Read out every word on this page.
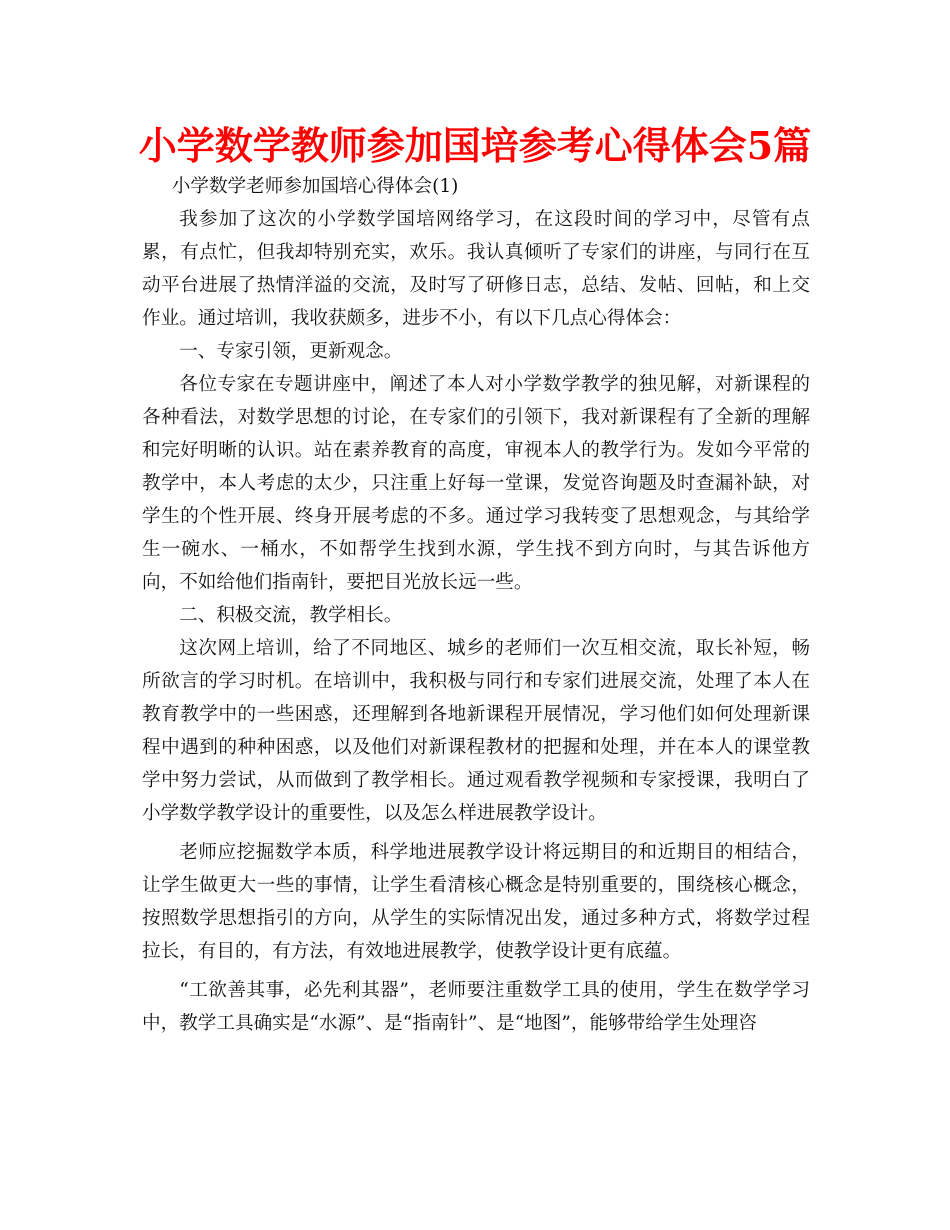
小学数学教师参加国培参考心得体会5篇

小学数学老师参加国培心得体会(1)

我参加了这次的小学数学国培网络学习，在这段时间的学习中，尽管有点累，有点忙，但我却特别充实，欢乐。我认真倾听了专家们的讲座，与同行在互动平台进展了热情洋溢的交流，及时写了研修日志，总结、发帖、回帖，和上交作业。通过培训，我收获颇多，进步不小，有以下几点心得体会：

一、专家引领，更新观念。

各位专家在专题讲座中，阐述了本人对小学数学教学的独见解，对新课程的各种看法，对数学思想的讨论，在专家们的引领下，我对新课程有了全新的理解和完好明晰的认识。站在素养教育的高度，审视本人的教学行为。发如今平常的教学中，本人考虑的太少，只注重上好每一堂课，发觉咨询题及时查漏补缺，对学生的个性开展、终身开展考虑的不多。通过学习我转变了思想观念，与其给学生一碗水、一桶水，不如帮学生找到水源，学生找不到方向时，与其告诉他方向，不如给他们指南针，要把目光放长远一些。

二、积极交流，教学相长。

这次网上培训，给了不同地区、城乡的老师们一次互相交流，取长补短，畅所欲言的学习时机。在培训中，我积极与同行和专家们进展交流，处理了本人在教育教学中的一些困惑，还理解到各地新课程开展情况，学习他们如何处理新课程中遇到的种种困惑，以及他们对新课程教材的把握和处理，并在本人的课堂教学中努力尝试，从而做到了教学相长。通过观看教学视频和专家授课，我明白了小学数学教学设计的重要性，以及怎么样进展教学设计。

老师应挖掘数学本质，科学地进展教学设计将远期目的和近期目的相结合，让学生做更大一些的事情，让学生看清核心概念是特别重要的，围绕核心概念，按照数学思想指引的方向，从学生的实际情况出发，通过多种方式，将数学过程拉长，有目的，有方法，有效地进展教学，使教学设计更有底蕴。

“工欲善其事，必先利其器”，老师要注重数学工具的使用，学生在数学学习中，教学工具确实是“水源”、是“指南针”、是“地图”，能够带给学生处理咨
